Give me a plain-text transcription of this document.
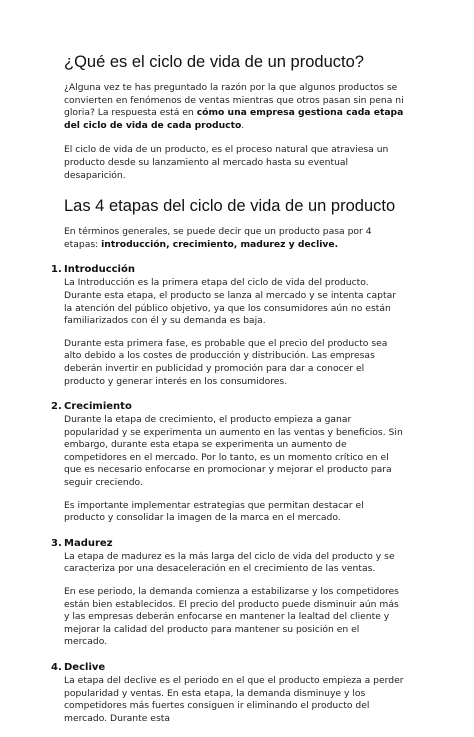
¿Qué es el ciclo de vida de un producto?

¿Alguna vez te has preguntado la razón por la que algunos productos se convierten en fenómenos de ventas mientras que otros pasan sin pena ni gloria? La respuesta está en cómo una empresa gestiona cada etapa del ciclo de vida de cada producto.

El ciclo de vida de un producto, es el proceso natural que atraviesa un producto desde su lanzamiento al mercado hasta su eventual desaparición.

Las 4 etapas del ciclo de vida de un producto

En términos generales, se puede decir que un producto pasa por 4 etapas: introducción, crecimiento, madurez y declive.

1. Introducción

La Introducción es la primera etapa del ciclo de vida del producto. Durante esta etapa, el producto se lanza al mercado y se intenta captar la atención del público objetivo, ya que los consumidores aún no están familiarizados con él y su demanda es baja.

Durante esta primera fase, es probable que el precio del producto sea alto debido a los costes de producción y distribución. Las empresas deberán invertir en publicidad y promoción para dar a conocer el producto y generar interés en los consumidores.

2. Crecimiento

Durante la etapa de crecimiento, el producto empieza a ganar popularidad y se experimenta un aumento en las ventas y beneficios. Sin embargo, durante esta etapa se experimenta un aumento de competidores en el mercado. Por lo tanto, es un momento crítico en el que es necesario enfocarse en promocionar y mejorar el producto para seguir creciendo.

Es importante implementar estrategias que permitan destacar el producto y consolidar la imagen de la marca en el mercado.

3. Madurez

La etapa de madurez es la más larga del ciclo de vida del producto y se caracteriza por una desaceleración en el crecimiento de las ventas.

En ese periodo, la demanda comienza a estabilizarse y los competidores están bien establecidos. El precio del producto puede disminuir aún más y las empresas deberán enfocarse en mantener la lealtad del cliente y mejorar la calidad del producto para mantener su posición en el mercado.

4. Declive

La etapa del declive es el periodo en el que el producto empieza a perder popularidad y ventas. En esta etapa, la demanda disminuye y los competidores más fuertes consiguen ir eliminando el producto del mercado. Durante esta
